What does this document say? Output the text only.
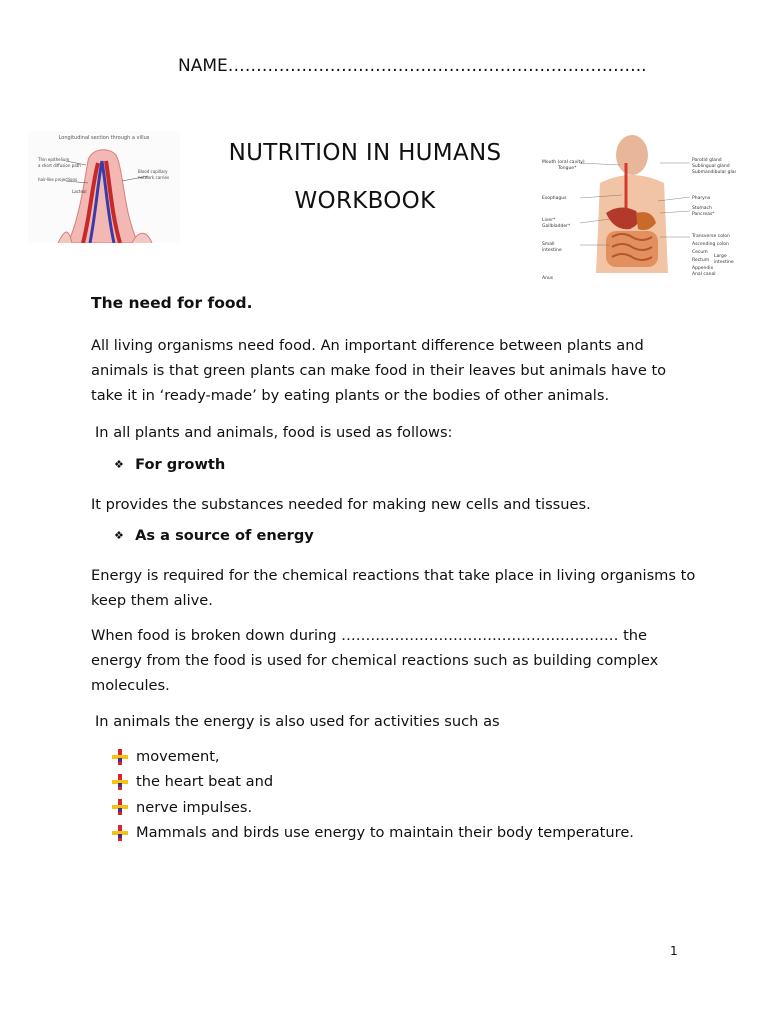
NAME………………………………………………………………..
NUTRITION IN HUMANS
WORKBOOK
Longitudinal section through a villus
Thin epithelium
a short diffusion path
hair-like projections
Blood capillary
network carries
Lacteal
Mouth (oral cavity)
Tongue*
Esophagus
Liver*
Gallbladder*
Small
intestine
Anus
Parotid gland
Sublingual gland
Submandibular gland
Pharynx
Stomach
Pancreas*
Transverse colon
Ascending colon
Cecum
Rectum
Appendix
Anal canal
Large
intestine
The need for food.
All living organisms need food. An important difference between plants and animals is that green plants can make food in their leaves but animals have to take it in ‘ready-made’ by eating plants or the bodies of other animals.
In all plants and animals, food is used as follows:
❖ For growth
It provides the substances needed for making new cells and tissues.
❖ As a source of energy
Energy is required for the chemical reactions that take place in living organisms to keep them alive.
When food is broken down during ………………………………………………… the energy from the food is used for chemical reactions such as building complex molecules.
In animals the energy is also used for activities such as
movement,
the heart beat and
nerve impulses.
Mammals and birds use energy to maintain their body temperature.
1
